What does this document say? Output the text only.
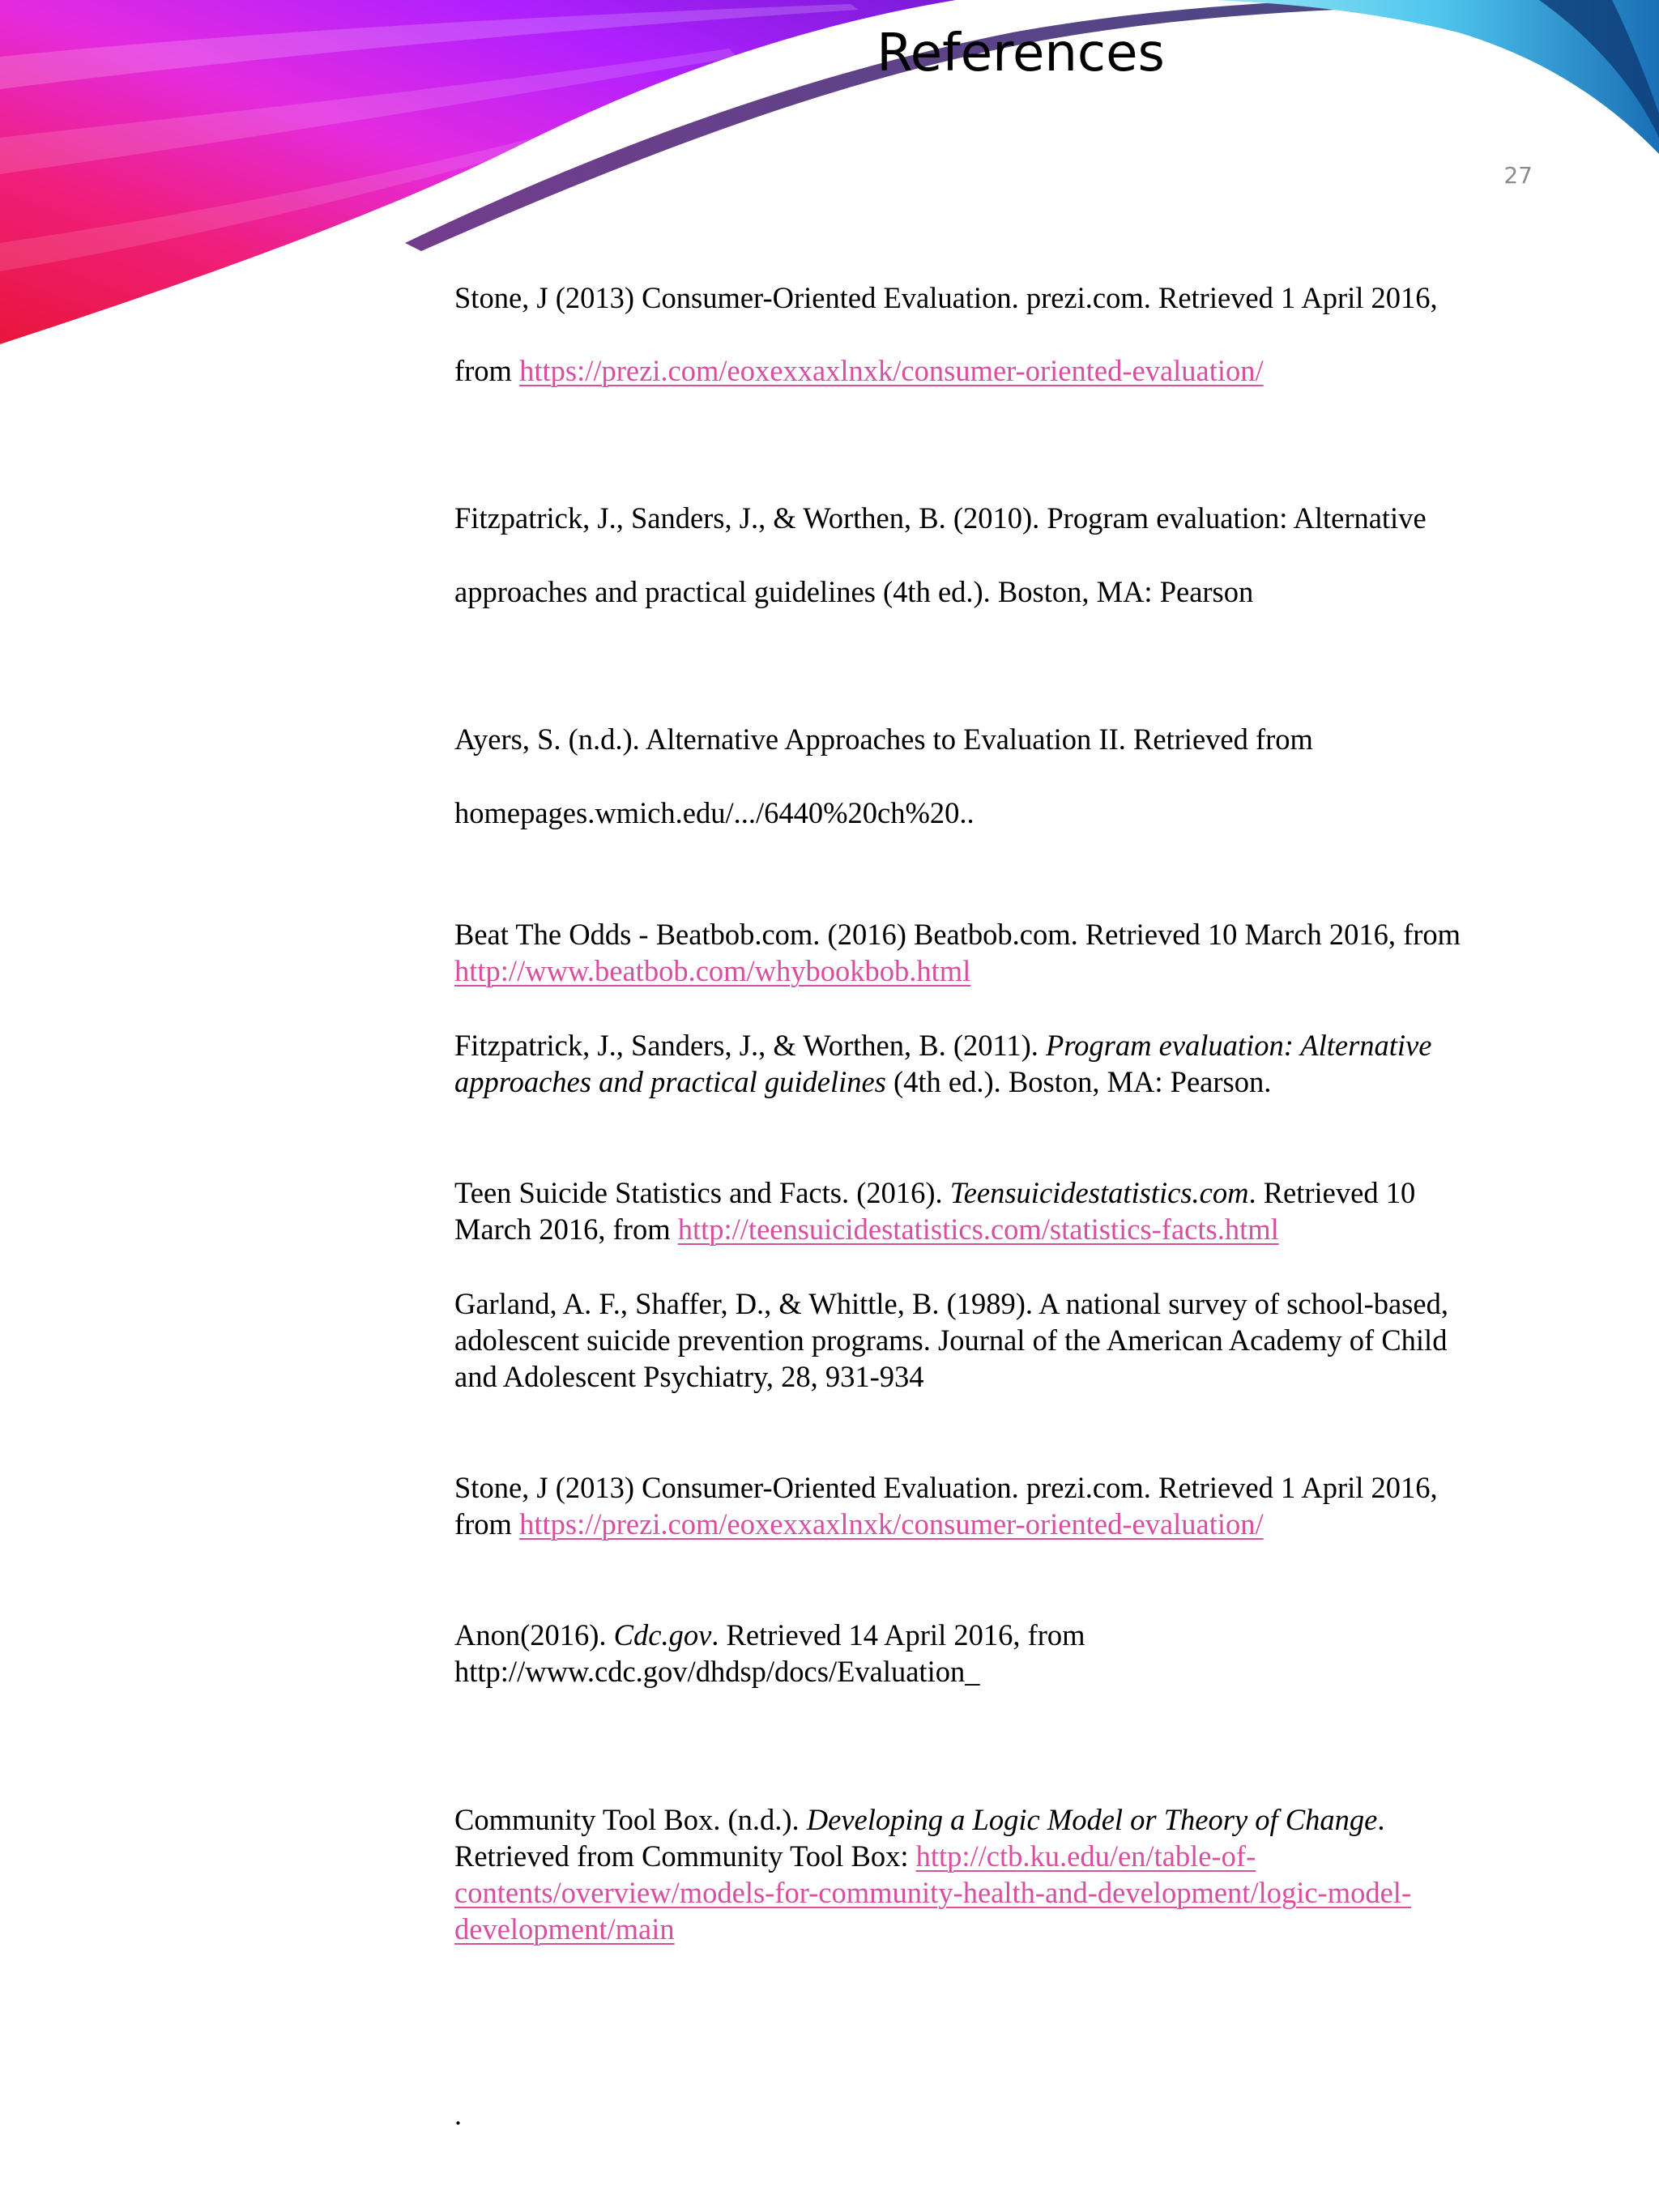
References
27
Stone, J (2013) Consumer-Oriented Evaluation. prezi.com. Retrieved 1 April 2016,
from https://prezi.com/eoxexxaxlnxk/consumer-oriented-evaluation/
Fitzpatrick, J., Sanders, J., & Worthen, B. (2010). Program evaluation: Alternative
approaches and practical guidelines (4th ed.). Boston, MA: Pearson
Ayers, S. (n.d.). Alternative Approaches to Evaluation II. Retrieved from
homepages.wmich.edu/.../6440%20ch%20..
Beat The Odds - Beatbob.com. (2016) Beatbob.com. Retrieved 10 March 2016, from
http://www.beatbob.com/whybookbob.html
Fitzpatrick, J., Sanders, J., & Worthen, B. (2011). Program evaluation: Alternative
approaches and practical guidelines (4th ed.). Boston, MA: Pearson.
Teen Suicide Statistics and Facts. (2016). Teensuicidestatistics.com. Retrieved 10
March 2016, from http://teensuicidestatistics.com/statistics-facts.html
Garland, A. F., Shaffer, D., & Whittle, B. (1989). A national survey of school-based,
adolescent suicide prevention programs. Journal of the American Academy of Child
and Adolescent Psychiatry, 28, 931-934
Stone, J (2013) Consumer-Oriented Evaluation. prezi.com. Retrieved 1 April 2016,
from https://prezi.com/eoxexxaxlnxk/consumer-oriented-evaluation/
Anon(2016). Cdc.gov. Retrieved 14 April 2016, from
http://www.cdc.gov/dhdsp/docs/Evaluation_
Community Tool Box. (n.d.). Developing a Logic Model or Theory of Change.
Retrieved from Community Tool Box: http://ctb.ku.edu/en/table-of-
contents/overview/models-for-community-health-and-development/logic-model-
development/main
.
